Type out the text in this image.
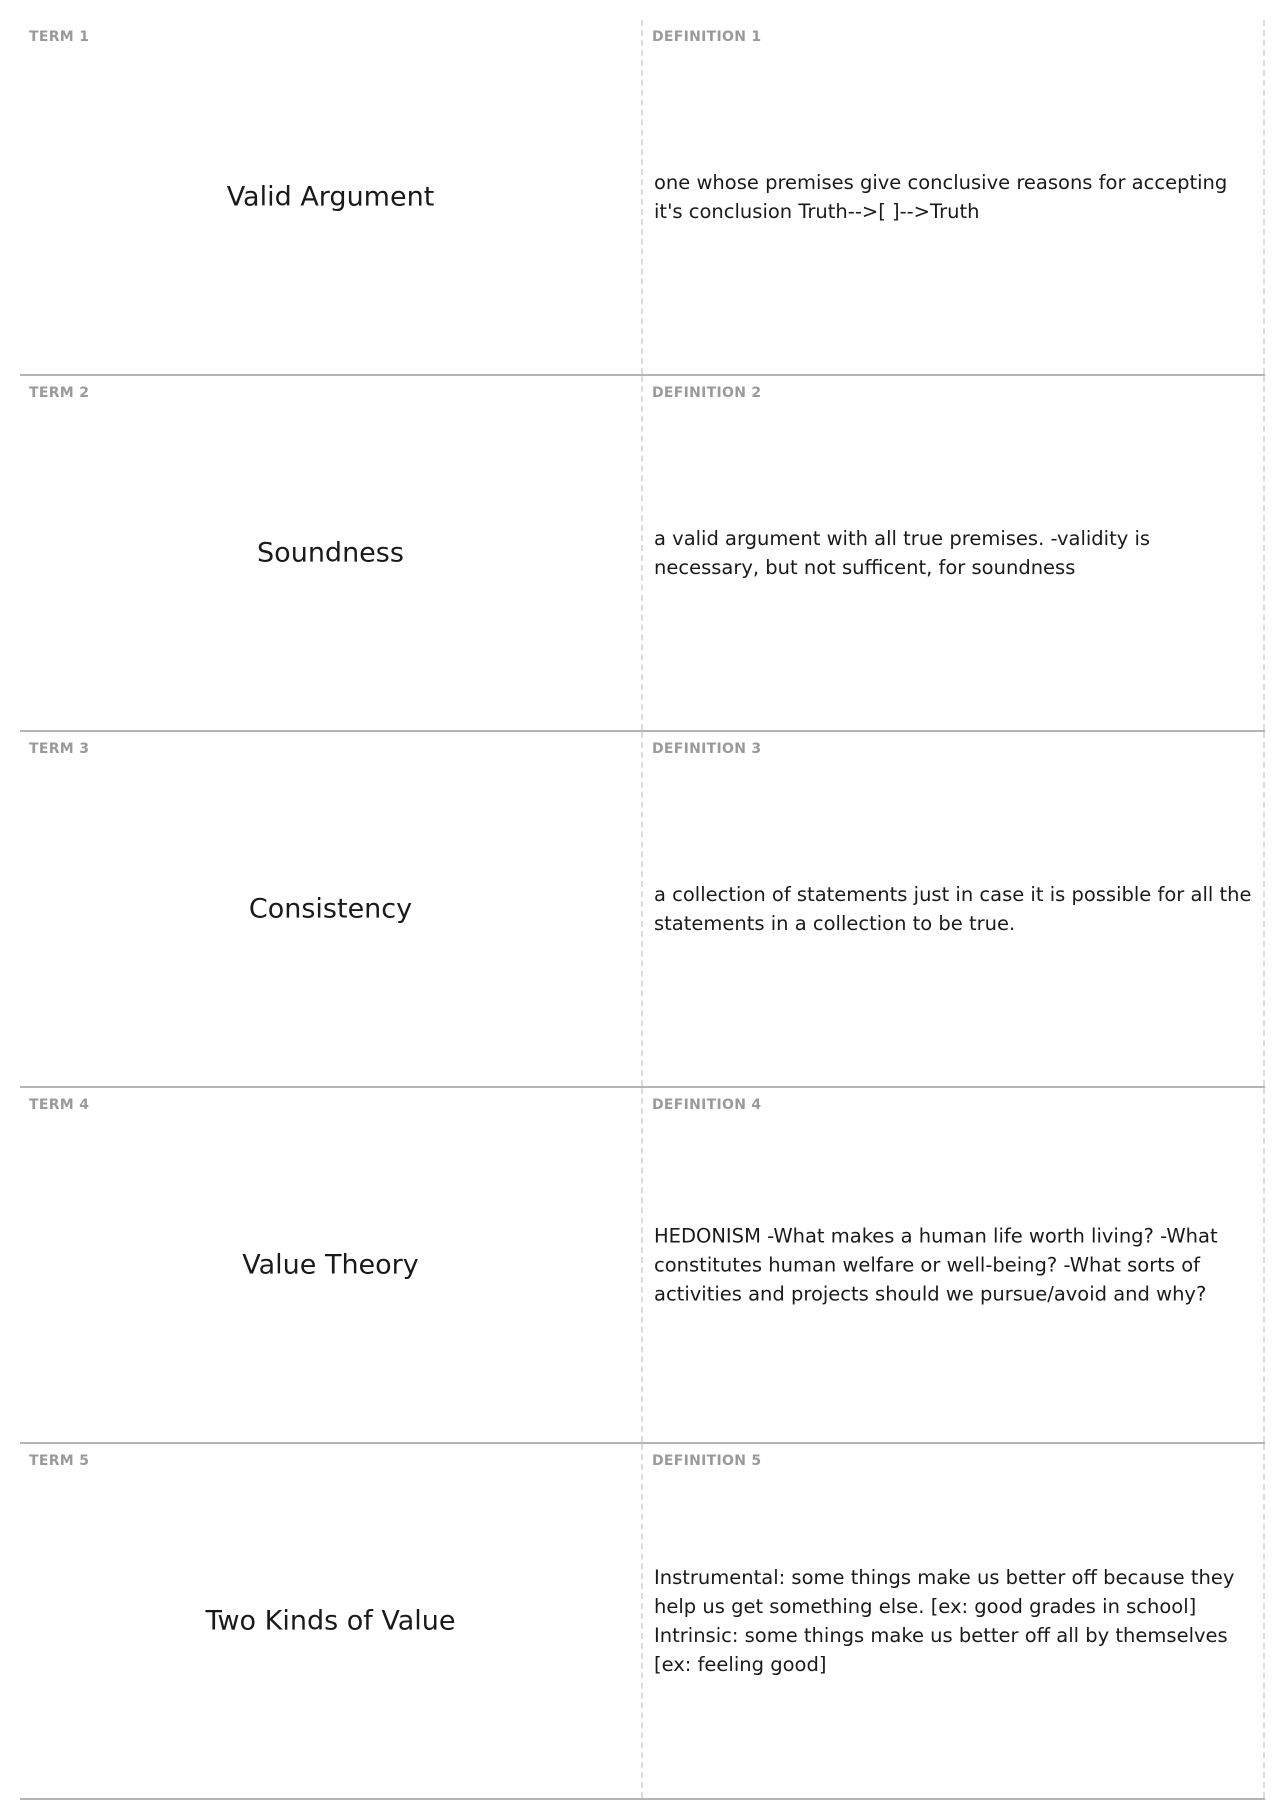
TERM 1
Valid Argument
DEFINITION 1
one whose premises give conclusive reasons for accepting it's conclusion Truth-->[ ]-->Truth
TERM 2
Soundness
DEFINITION 2
a valid argument with all true premises. -validity is necessary, but not sufficent, for soundness
TERM 3
Consistency
DEFINITION 3
a collection of statements just in case it is possible for all the statements in a collection to be true.
TERM 4
Value Theory
DEFINITION 4
HEDONISM -What makes a human life worth living? -What constitutes human welfare or well-being? -What sorts of activities and projects should we pursue/avoid and why?
TERM 5
Two Kinds of Value
DEFINITION 5
Instrumental: some things make us better off because they help us get something else. [ex: good grades in school] Intrinsic: some things make us better off all by themselves [ex: feeling good]
